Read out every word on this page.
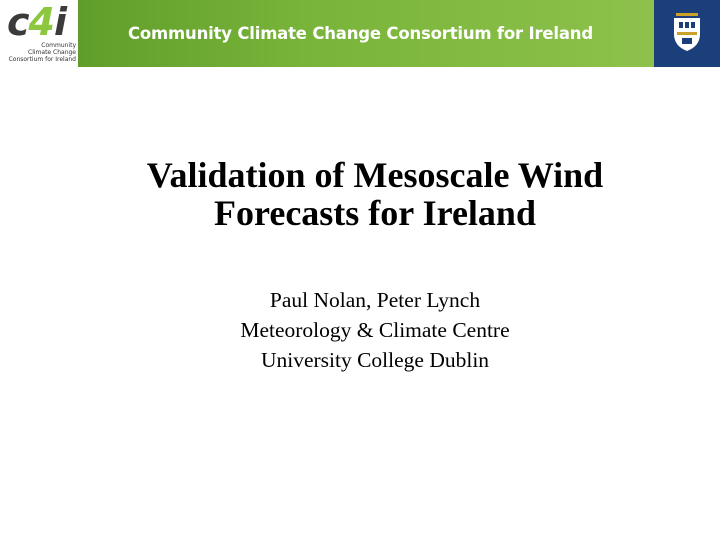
c4i
Community
Climate Change
Consortium for Ireland
Community Climate Change Consortium for Ireland
Validation of Mesoscale Wind
Forecasts for Ireland
Paul Nolan, Peter Lynch
Meteorology & Climate Centre
University College Dublin
